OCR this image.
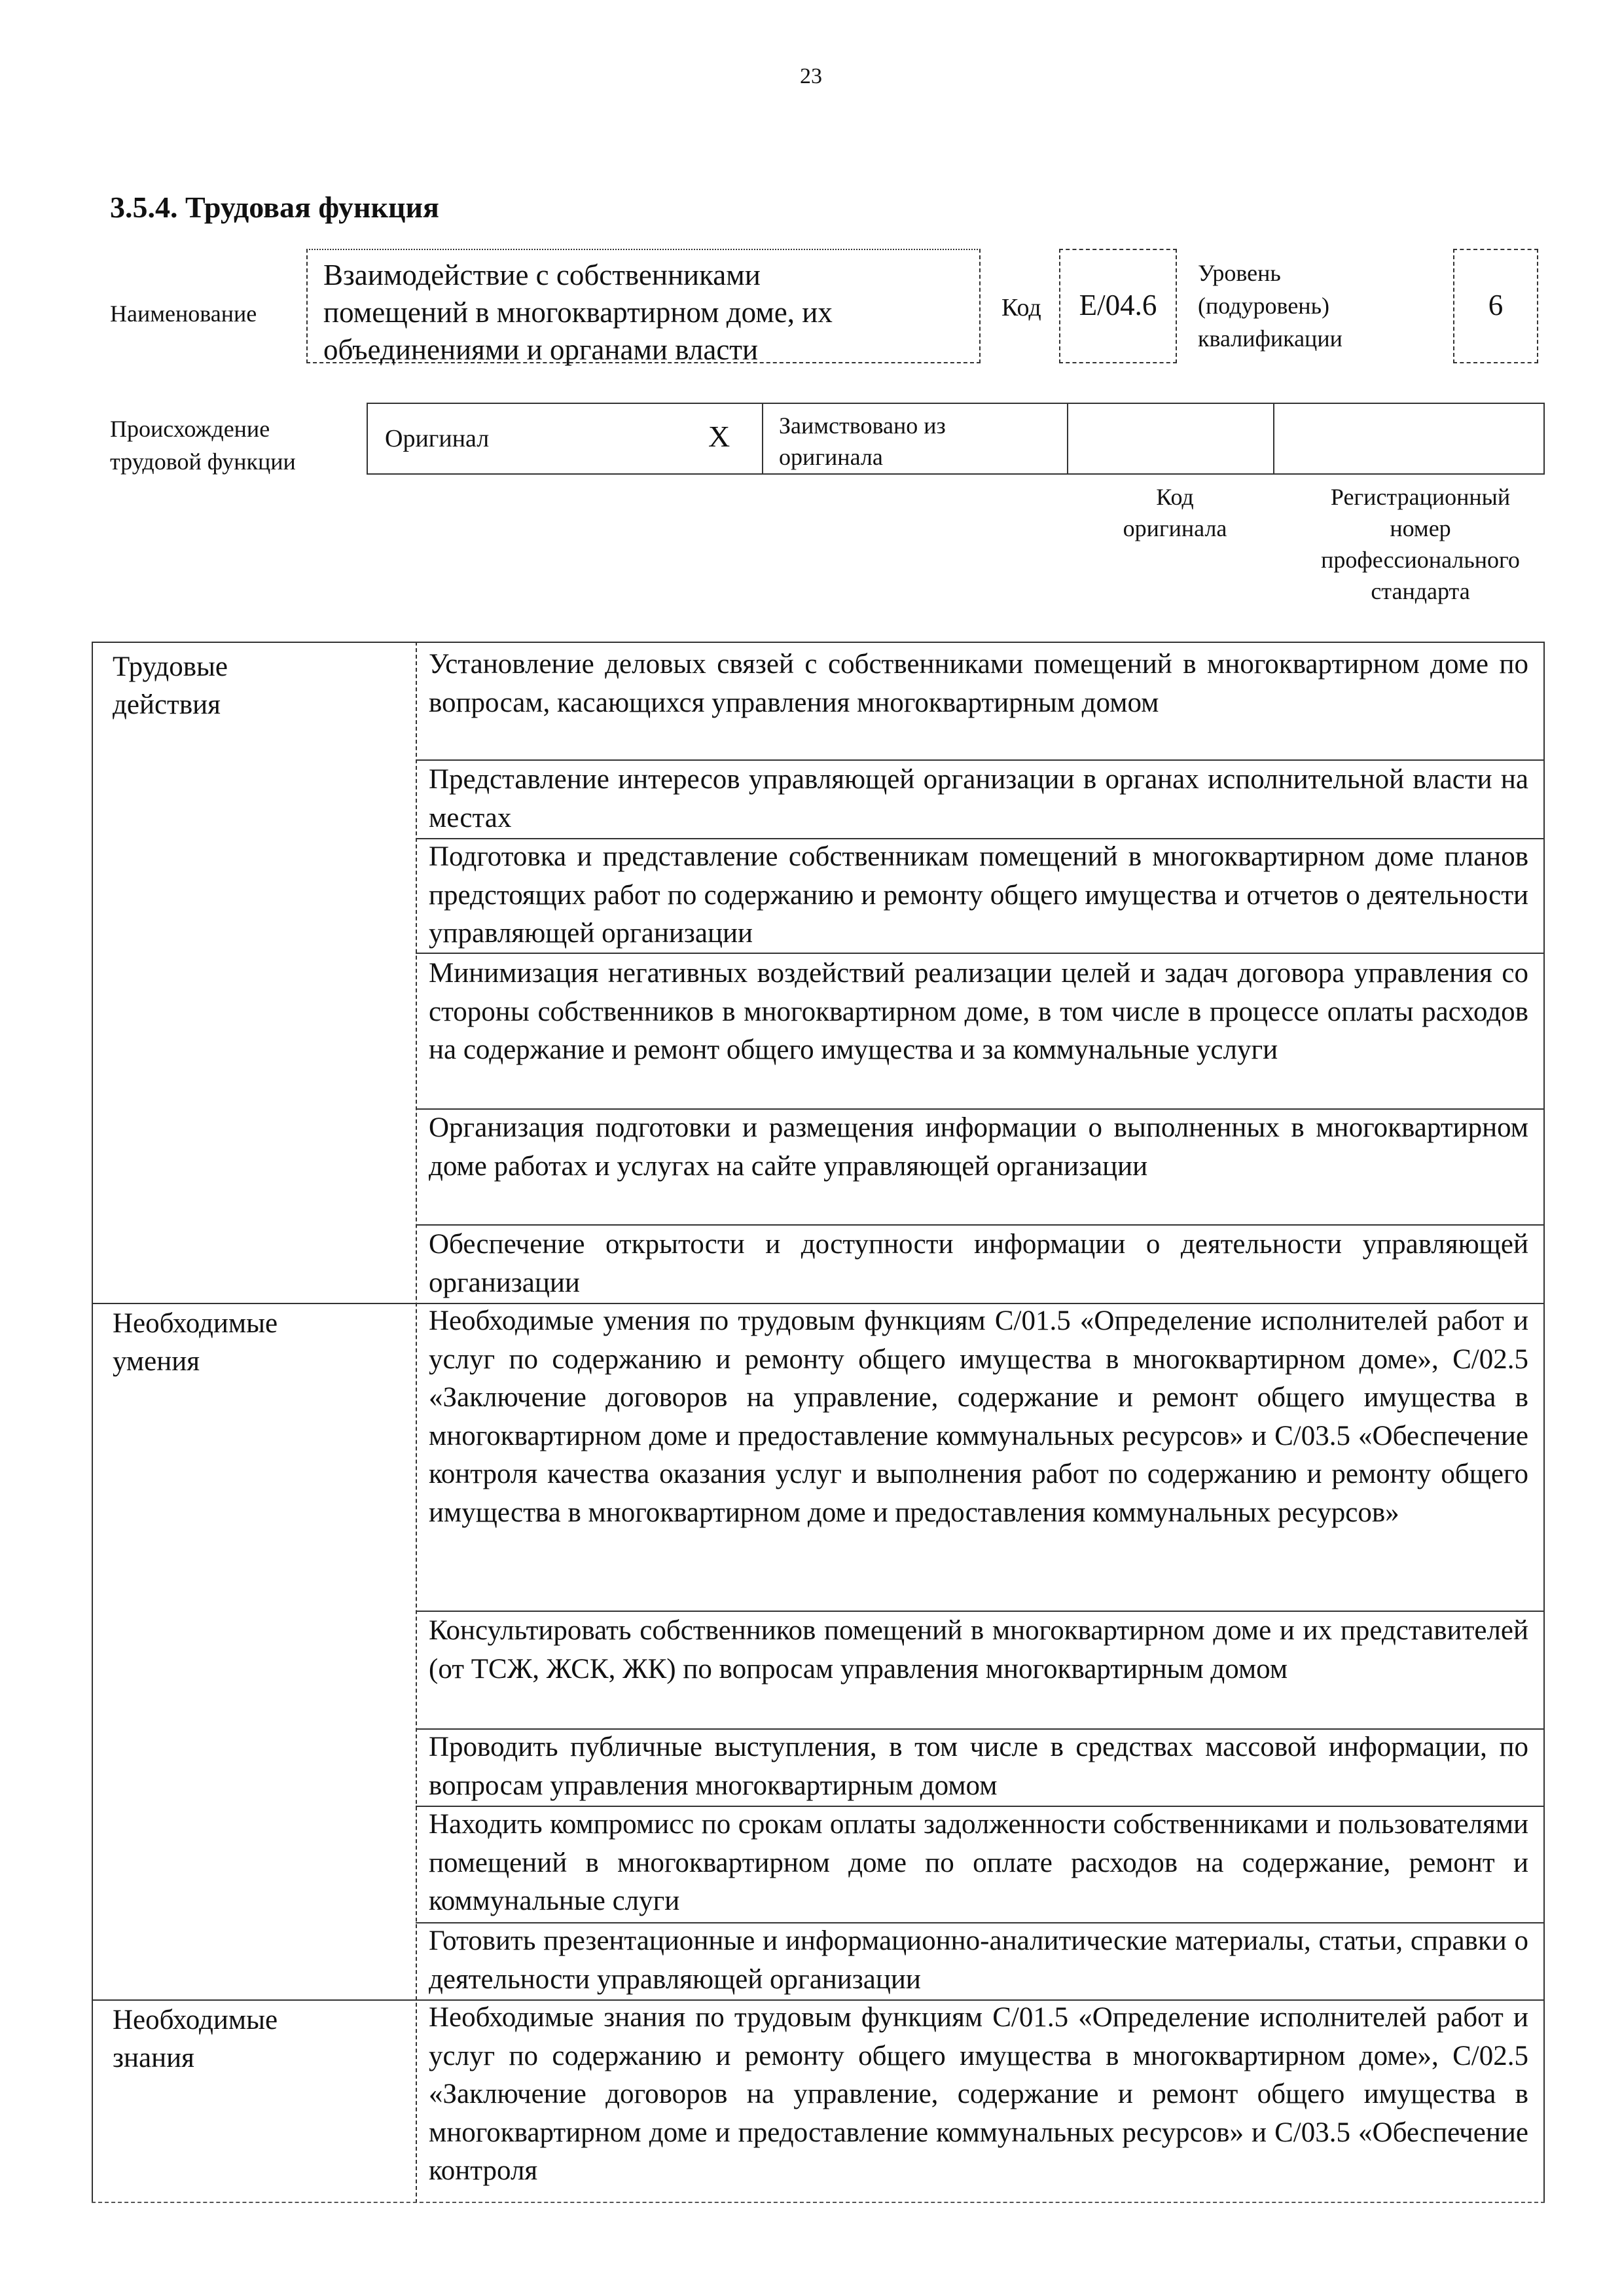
23
3.5.4. Трудовая функция
Наименование
Взаимодействие с собственниками
помещений в многоквартирном доме, их
объединениями и органами власти
Код	E/04.6
Уровень
(подуровень)
квалификации
6
Происхождение
трудовой функции
Оригинал	X Заимствовано из
оригинала
Код
оригинала
Регистрационный
номер
профессионального
стандарта
Трудовые
действия
Установление деловых связей с собственниками помещений в многоквартирном доме по вопросам, касающихся управления многоквартирным домом
Представление интересов управляющей организации в органах исполнительной власти на местах
Подготовка и представление собственникам помещений в многоквартирном доме планов предстоящих работ по содержанию и ремонту общего имущества и отчетов о деятельности управляющей организации
Минимизация негативных воздействий реализации целей и задач договора управления со стороны собственников в многоквартирном доме, в том числе в процессе оплаты расходов на содержание и ремонт общего имущества и за коммунальные услуги
Организация подготовки и размещения информации о выполненных в многоквартирном доме работах и услугах на сайте управляющей организации
Обеспечение открытости и доступности информации о деятельности управляющей организации
Необходимые
умения
Необходимые умения по трудовым функциям С/01.5 «Определение исполнителей работ и услуг по содержанию и ремонту общего имущества в многоквартирном доме», С/02.5 «Заключение договоров на управление, содержание и ремонт общего имущества в многоквартирном доме и предоставление коммунальных ресурсов» и С/03.5 «Обеспечение контроля качества оказания услуг и выполнения работ по содержанию и ремонту общего имущества в многоквартирном доме и предоставления коммунальных ресурсов»
Консультировать собственников помещений в многоквартирном доме и их представителей (от ТСЖ, ЖСК, ЖК) по вопросам управления многоквартирным домом
Проводить публичные выступления, в том числе в средствах массовой информации, по вопросам управления многоквартирным домом
Находить компромисс по срокам оплаты задолженности собственниками и пользователями помещений в многоквартирном доме по оплате расходов на содержание, ремонт и коммунальные слуги
Готовить презентационные и информационно-аналитические материалы, статьи, справки о деятельности управляющей организации
Необходимые
знания
Необходимые знания по трудовым функциям С/01.5 «Определение исполнителей работ и услуг по содержанию и ремонту общего имущества в многоквартирном доме», С/02.5 «Заключение договоров на управление, содержание и ремонт общего имущества в многоквартирном доме и предоставление коммунальных ресурсов» и С/03.5 «Обеспечение контроля
